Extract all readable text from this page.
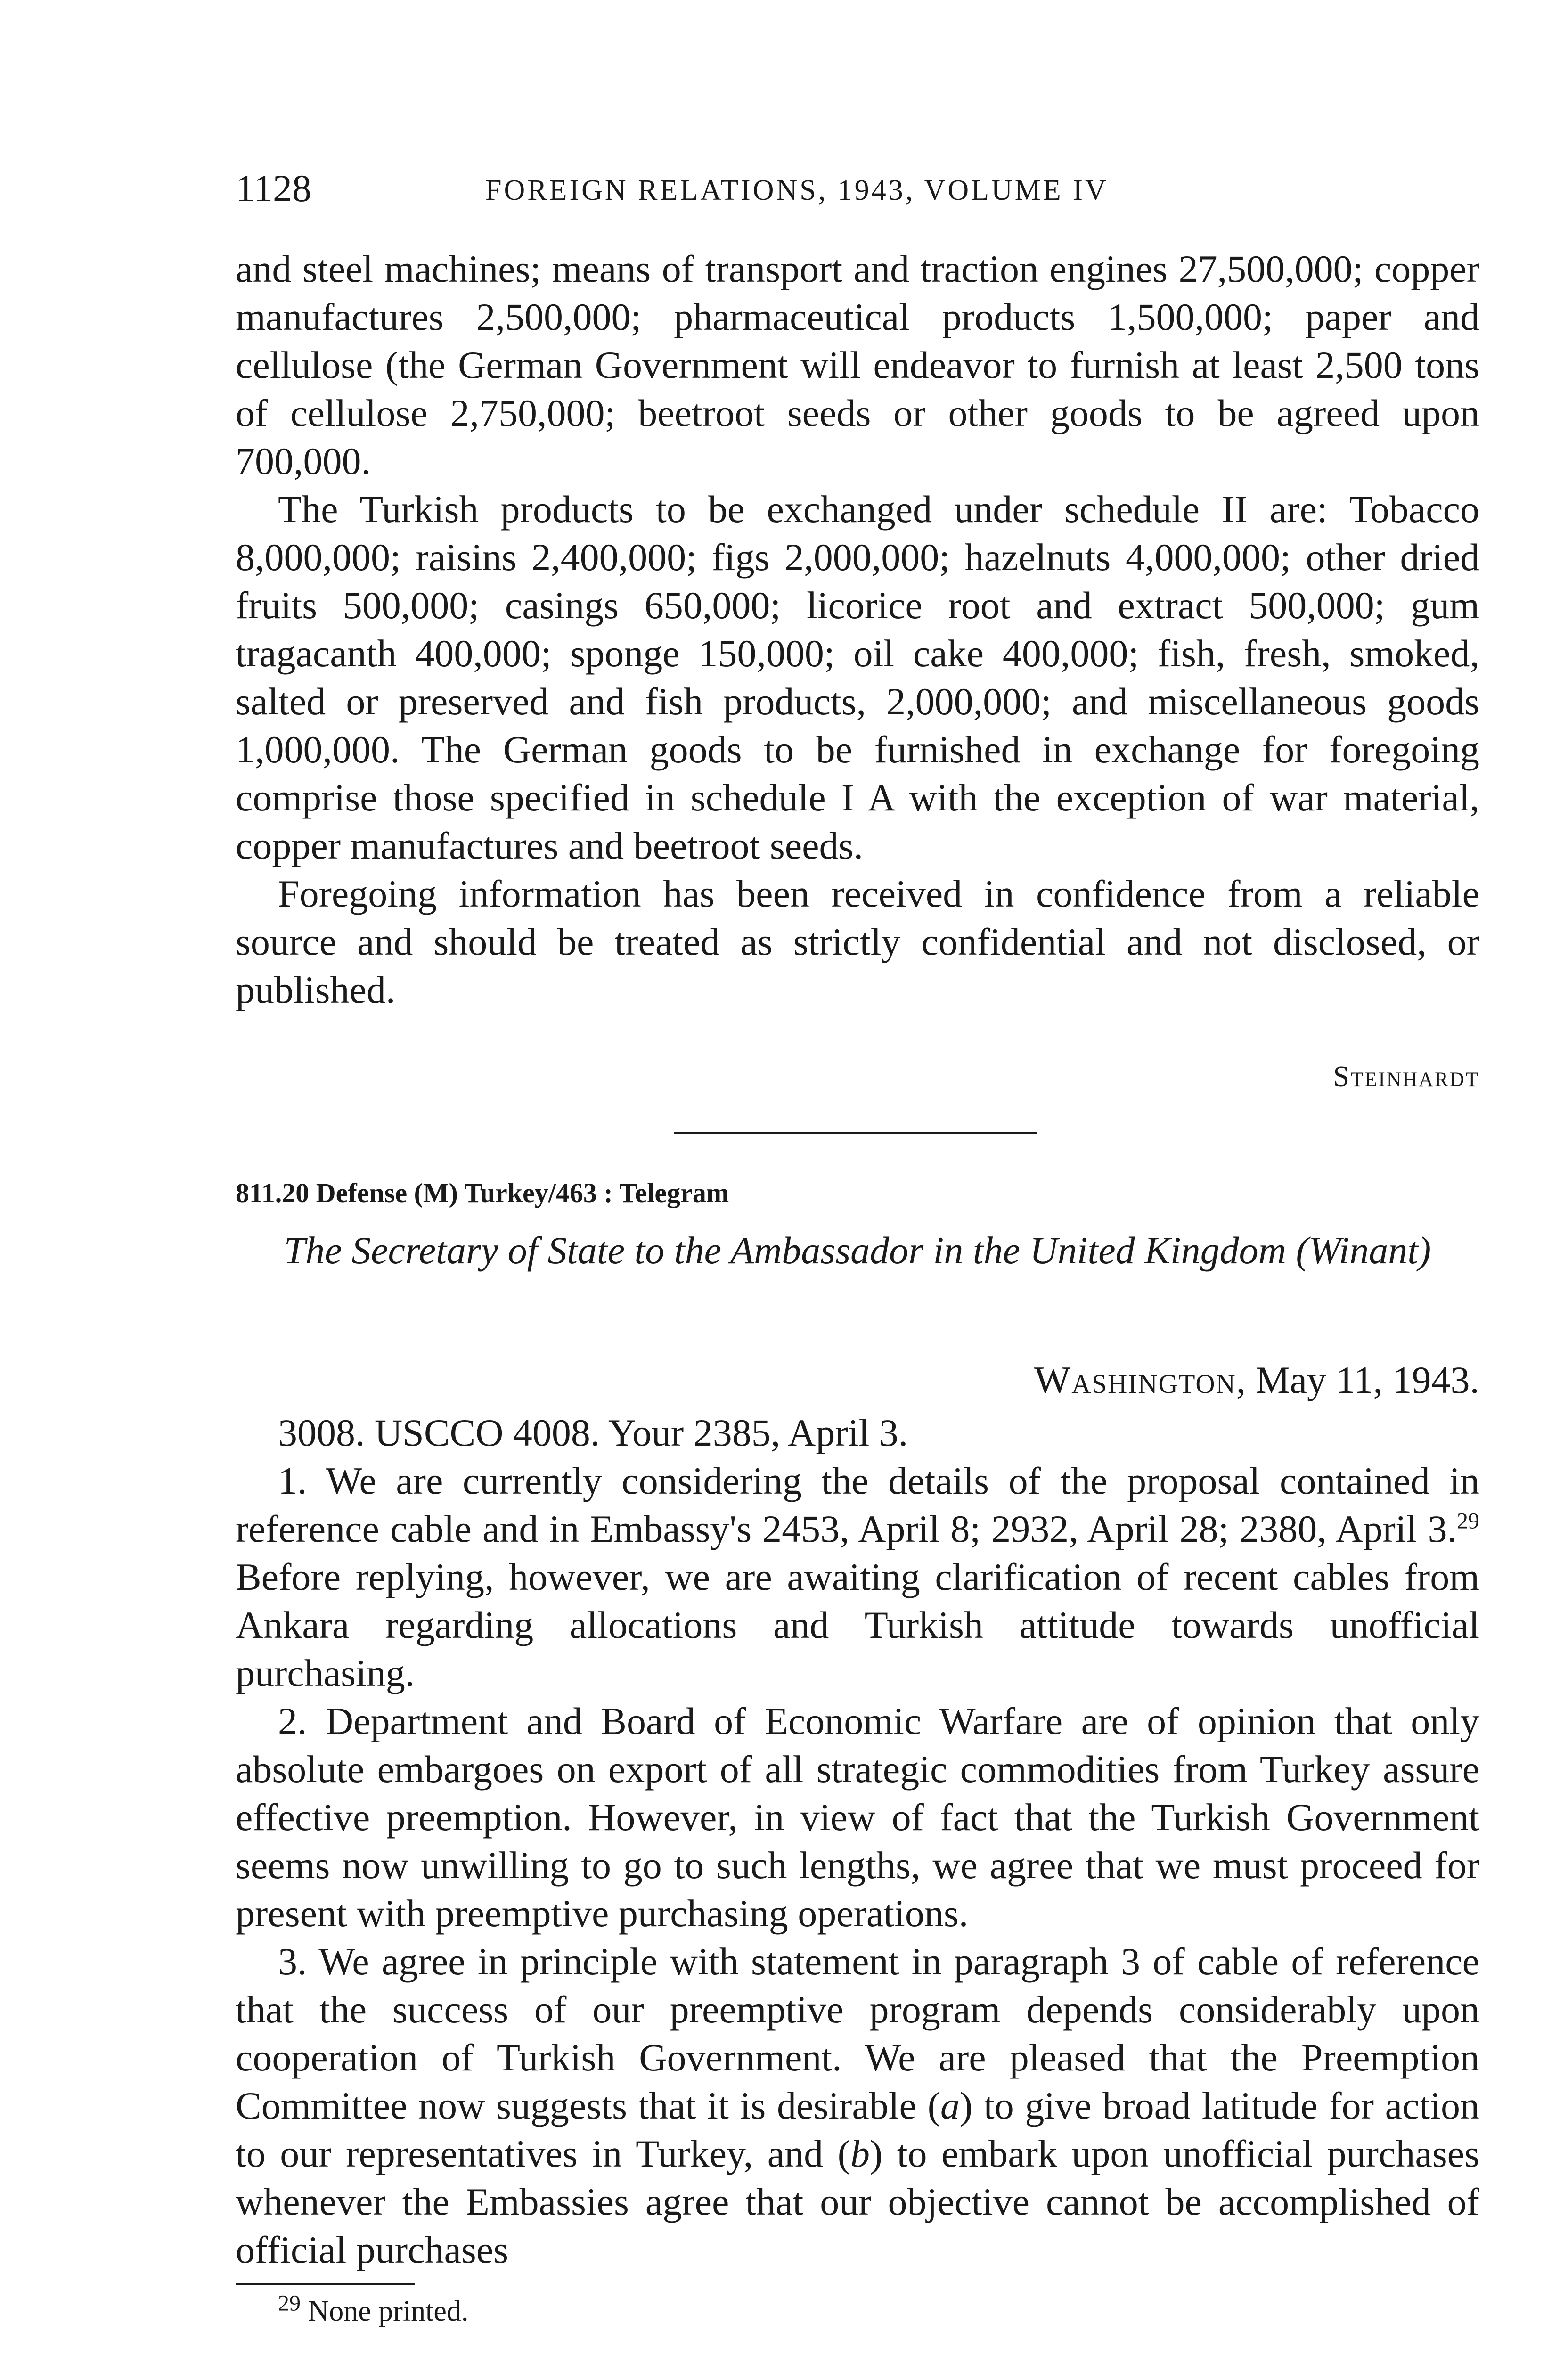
1128	FOREIGN RELATIONS, 1943, VOLUME IV

and steel machines; means of transport and traction engines 27,500,000; copper manufactures 2,500,000; pharmaceutical products 1,500,000; paper and cellulose (the German Government will endeavor to furnish at least 2,500 tons of cellulose 2,750,000; beetroot seeds or other goods to be agreed upon 700,000.

The Turkish products to be exchanged under schedule II are: Tobacco 8,000,000; raisins 2,400,000; figs 2,000,000; hazelnuts 4,000,000; other dried fruits 500,000; casings 650,000; licorice root and extract 500,000; gum tragacanth 400,000; sponge 150,000; oil cake 400,000; fish, fresh, smoked, salted or preserved and fish products, 2,000,000; and miscellaneous goods 1,000,000. The German goods to be furnished in exchange for foregoing comprise those specified in schedule I A with the exception of war material, copper manufactures and beetroot seeds.

Foregoing information has been received in confidence from a reliable source and should be treated as strictly confidential and not disclosed, or published.

Steinhardt
811.20 Defense (M) Turkey/463 : Telegram
The Secretary of State to the Ambassador in the United Kingdom (Winant)
Washington, May 11, 1943.

3008. USCCO 4008. Your 2385, April 3.

1. We are currently considering the details of the proposal contained in reference cable and in Embassy's 2453, April 8; 2932, April 28; 2380, April 3.29 Before replying, however, we are awaiting clarification of recent cables from Ankara regarding allocations and Turkish attitude towards unofficial purchasing.

2. Department and Board of Economic Warfare are of opinion that only absolute embargoes on export of all strategic commodities from Turkey assure effective preemption. However, in view of fact that the Turkish Government seems now unwilling to go to such lengths, we agree that we must proceed for present with preemptive purchasing operations.

3. We agree in principle with statement in paragraph 3 of cable of reference that the success of our preemptive program depends considerably upon cooperation of Turkish Government. We are pleased that the Preemption Committee now suggests that it is desirable (a) to give broad latitude for action to our representatives in Turkey, and (b) to embark upon unofficial purchases whenever the Embassies agree that our objective cannot be accomplished of official purchases

$^{29}$ None printed.
